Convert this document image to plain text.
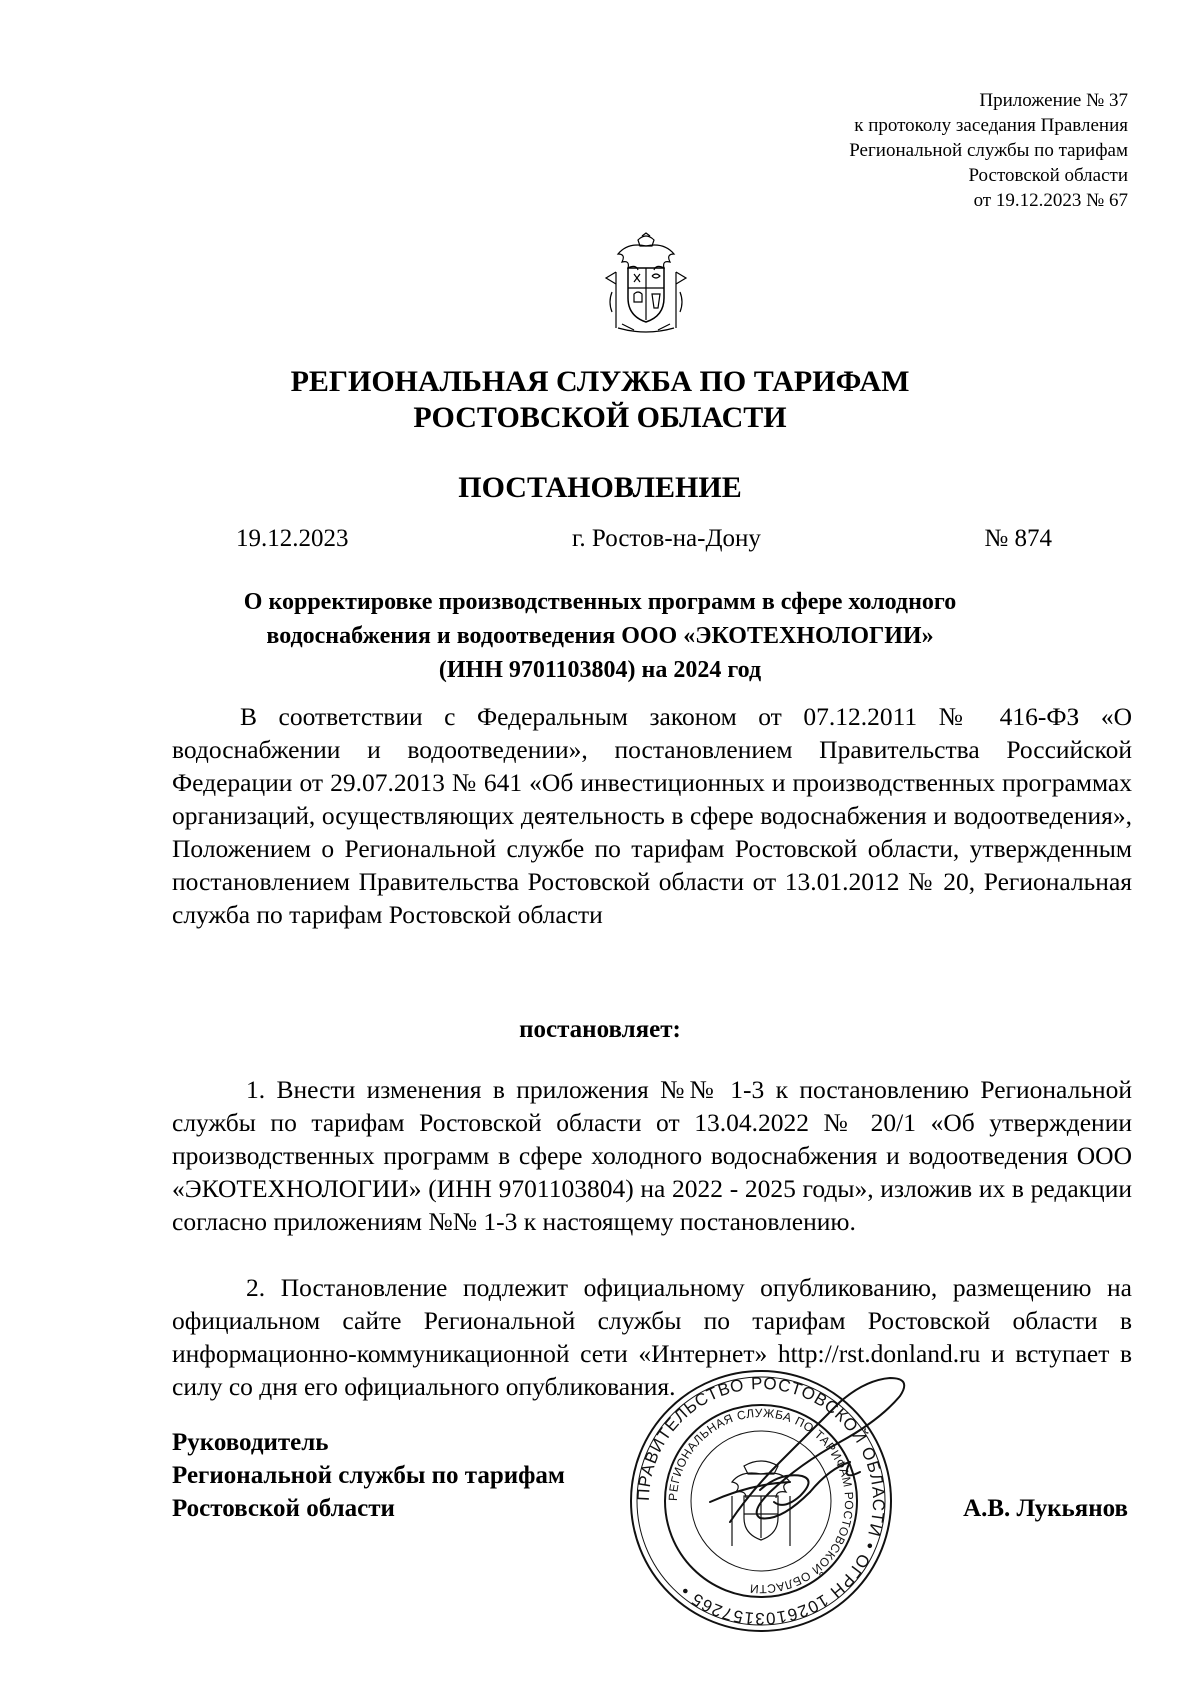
Приложение № 37
к протоколу заседания Правления
Региональной службы по тарифам
Ростовской области
от 19.12.2023 № 67
РЕГИОНАЛЬНАЯ СЛУЖБА ПО ТАРИФАМ
РОСТОВСКОЙ ОБЛАСТИ
ПОСТАНОВЛЕНИЕ
19.12.2023	г. Ростов-на-Дону	№ 874
О корректировке производственных программ в сфере холодного
водоснабжения и водоотведения ООО «ЭКОТЕХНОЛОГИИ»
(ИНН 9701103804) на 2024 год
В соответствии с Федеральным законом от 07.12.2011 № 416-ФЗ «О водоснабжении и водоотведении», постановлением Правительства Российской Федерации от 29.07.2013 № 641 «Об инвестиционных и производственных программах организаций, осуществляющих деятельность в сфере водоснабжения и водоотведения», Положением о Региональной службе по тарифам Ростовской области, утвержденным постановлением Правительства Ростовской области от 13.01.2012 № 20, Региональная служба по тарифам Ростовской области
постановляет:
1. Внести изменения в приложения №№ 1-3 к постановлению Региональной службы по тарифам Ростовской области от 13.04.2022 № 20/1 «Об утверждении производственных программ в сфере холодного водоснабжения и водоотведения ООО «ЭКОТЕХНОЛОГИИ» (ИНН 9701103804) на 2022 - 2025 годы», изложив их в редакции согласно приложениям №№ 1-3 к настоящему постановлению.
2. Постановление подлежит официальному опубликованию, размещению на официальном сайте Региональной службы по тарифам Ростовской области в информационно-коммуникационной сети «Интернет» http://rst.donland.ru и вступает в силу со дня его официального опубликования.
Руководитель
Региональной службы по тарифам
Ростовской области
ПРАВИТЕЛЬСТВО РОСТОВСКОЙ ОБЛАСТИ • ОГРН 1026103157265 •
РЕГИОНАЛЬНАЯ СЛУЖБА ПО ТАРИФАМ РОСТОВСКОЙ ОБЛАСТИ
А.В. Лукьянов
